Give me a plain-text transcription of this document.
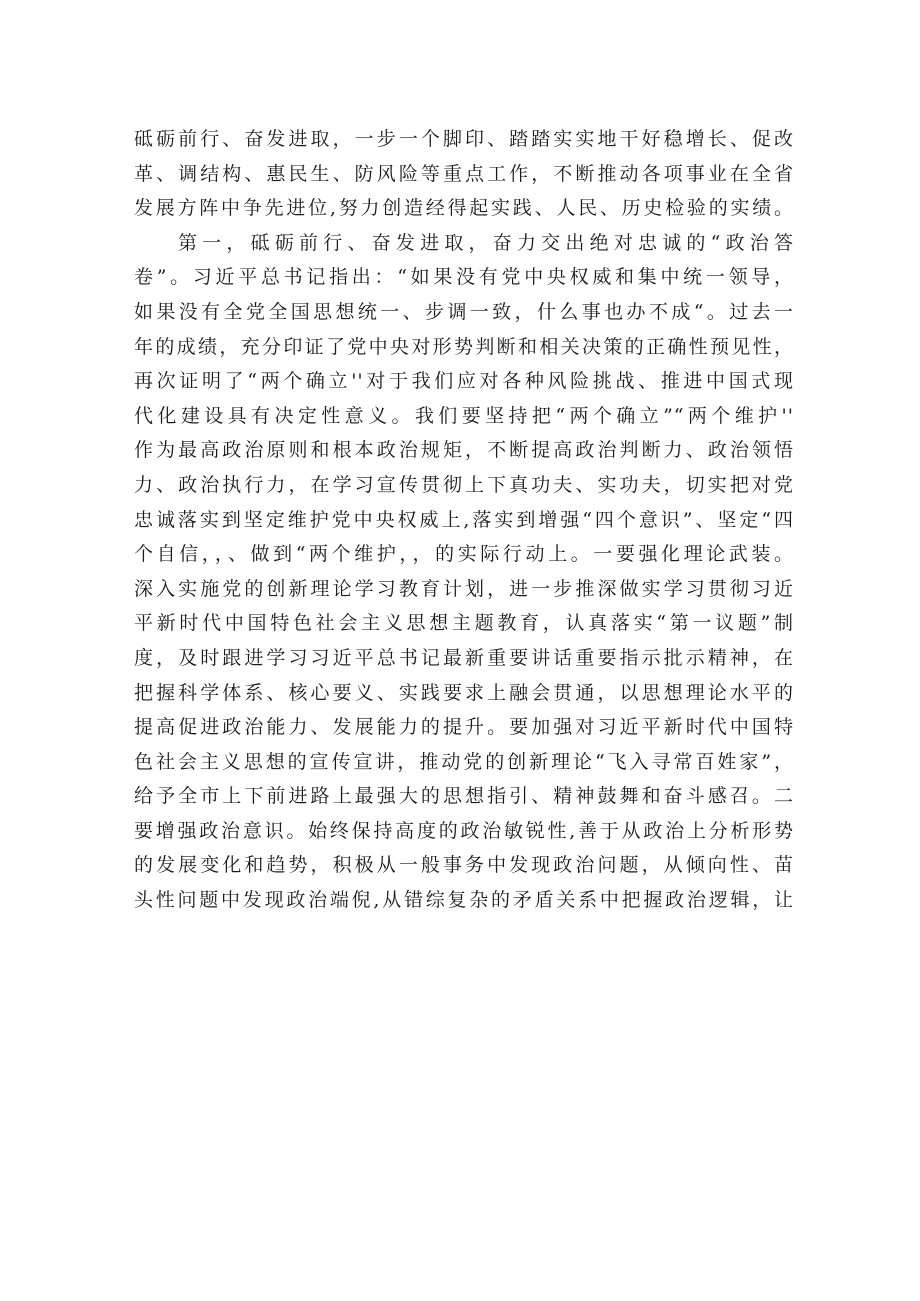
砥砺前行、奋发进取，一步一个脚印、踏踏实实地干好稳增长、促改
革、调结构、惠民生、防风险等重点工作，不断推动各项事业在全省
发展方阵中争先进位,努力创造经得起实践、人民、历史检验的实绩。
第一，砥砺前行、奋发进取，奋力交出绝对忠诚的“政治答
卷”。习近平总书记指出：“如果没有党中央权威和集中统一领导，
如果没有全党全国思想统一、步调一致，什么事也办不成“。过去一
年的成绩，充分印证了党中央对形势判断和相关决策的正确性预见性，
再次证明了“两个确立''对于我们应对各种风险挑战、推进中国式现
代化建设具有决定性意义。我们要坚持把“两个确立”“两个维护''
作为最高政治原则和根本政治规矩，不断提高政治判断力、政治领悟
力、政治执行力，在学习宣传贯彻上下真功夫、实功夫，切实把对党
忠诚落实到坚定维护党中央权威上,落实到增强“四个意识”、坚定“四
个自信，，、做到“两个维护，，的实际行动上。一要强化理论武装。
深入实施党的创新理论学习教育计划，进一步推深做实学习贯彻习近
平新时代中国特色社会主义思想主题教育，认真落实“第一议题”制
度，及时跟进学习习近平总书记最新重要讲话重要指示批示精神，在
把握科学体系、核心要义、实践要求上融会贯通，以思想理论水平的
提高促进政治能力、发展能力的提升。要加强对习近平新时代中国特
色社会主义思想的宣传宣讲，推动党的创新理论“飞入寻常百姓家”，
给予全市上下前进路上最强大的思想指引、精神鼓舞和奋斗感召。二
要增强政治意识。始终保持高度的政治敏锐性,善于从政治上分析形势
的发展变化和趋势，积极从一般事务中发现政治问题，从倾向性、苗
头性问题中发现政治端倪,从错综复杂的矛盾关系中把握政治逻辑，让
